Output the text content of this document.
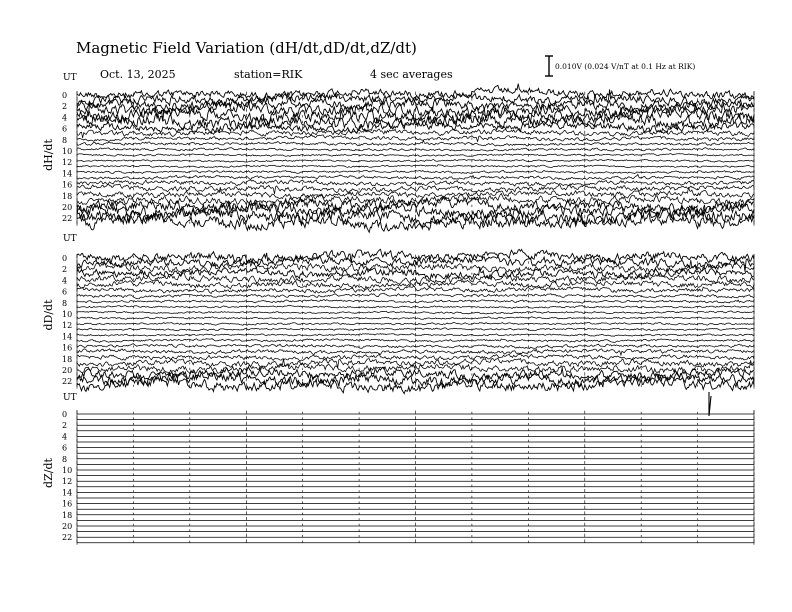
Magnetic Field Variation (dH/dt,dD/dt,dZ/dt)
Oct. 13, 2025	station=RIK	4 sec averages
0.010V (0.024 V/nT at 0.1 Hz at RIK)
UT
dH/dt
0
2
4
6
8
10
12
14
16
18
20
22
UT
dD/dt
0
2
4
6
8
10
12
14
16
18
20
22
UT
dZ/dt
0
2
4
6
8
10
12
14
16
18
20
22
